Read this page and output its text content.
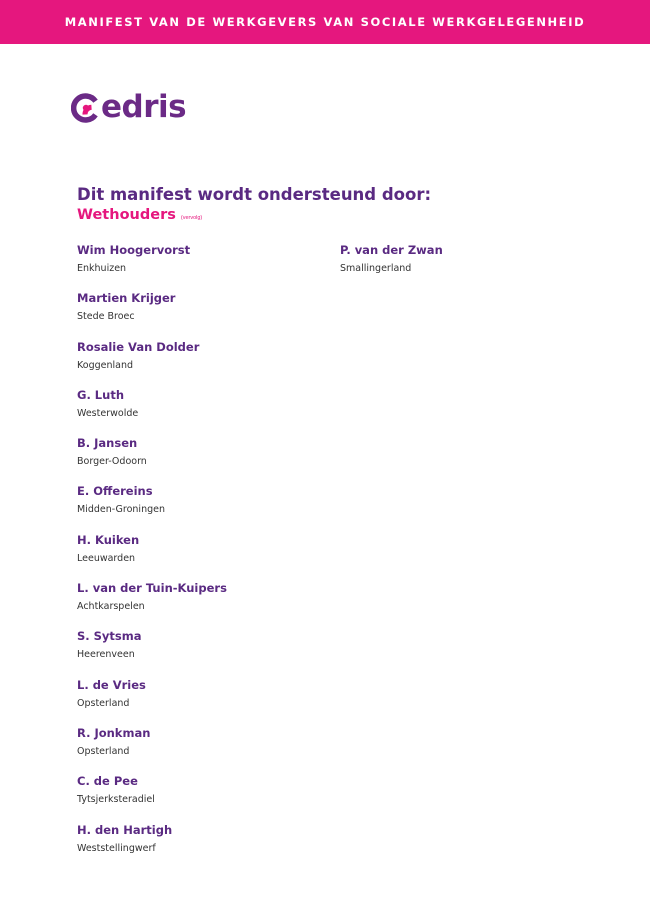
MANIFEST VAN DE WERKGEVERS VAN SOCIALE WERKGELEGENHEID
edris
Dit manifest wordt ondersteund door:
Wethouders (vervolg)
Wim Hoogervorst
Enkhuizen
Martien Krijger
Stede Broec
Rosalie Van Dolder
Koggenland
G. Luth
Westerwolde
B. Jansen
Borger-Odoorn
E. Offereins
Midden-Groningen
H. Kuiken
Leeuwarden
L. van der Tuin-Kuipers
Achtkarspelen
S. Sytsma
Heerenveen
L. de Vries
Opsterland
R. Jonkman
Opsterland
C. de Pee
Tytsjerksteradiel
H. den Hartigh
Weststellingwerf
P. van der Zwan
Smallingerland
